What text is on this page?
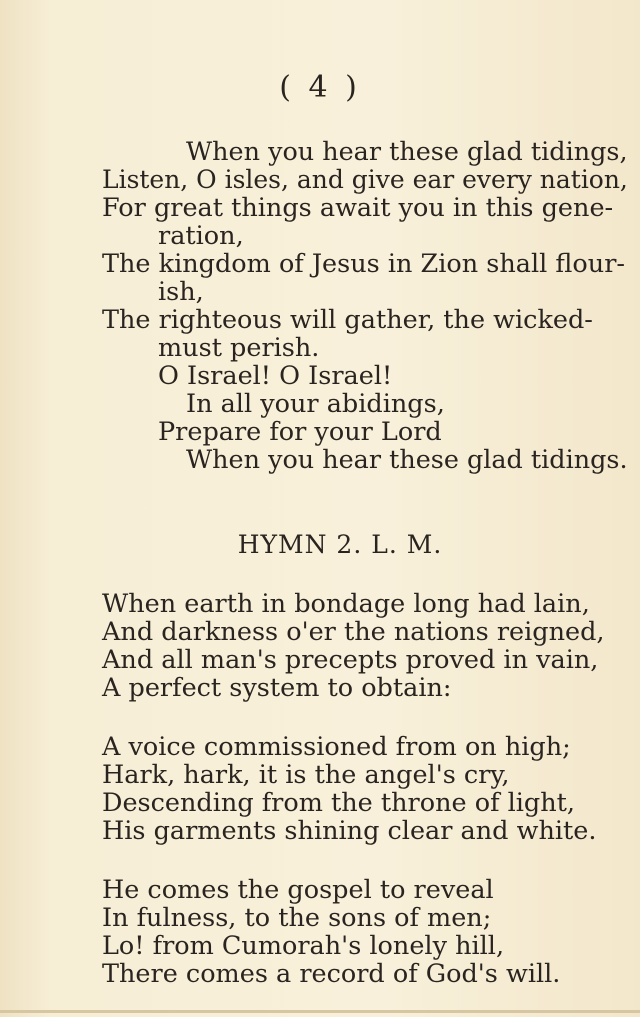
( 4 )
When you hear these glad tidings,
Listen, O isles, and give ear every nation,
For great things await you in this gene-
ration,
The kingdom of Jesus in Zion shall flour-
ish,
The righteous will gather, the wicked-
must perish.
O Israel! O Israel!
In all your abidings,
Prepare for your Lord
When you hear these glad tidings.
HYMN 2. L. M.
When earth in bondage long had lain,
And darkness o'er the nations reigned,
And all man's precepts proved in vain,
A perfect system to obtain:
A voice commissioned from on high;
Hark, hark, it is the angel's cry,
Descending from the throne of light,
His garments shining clear and white.
He comes the gospel to reveal
In fulness, to the sons of men;
Lo! from Cumorah's lonely hill,
There comes a record of God's will.
